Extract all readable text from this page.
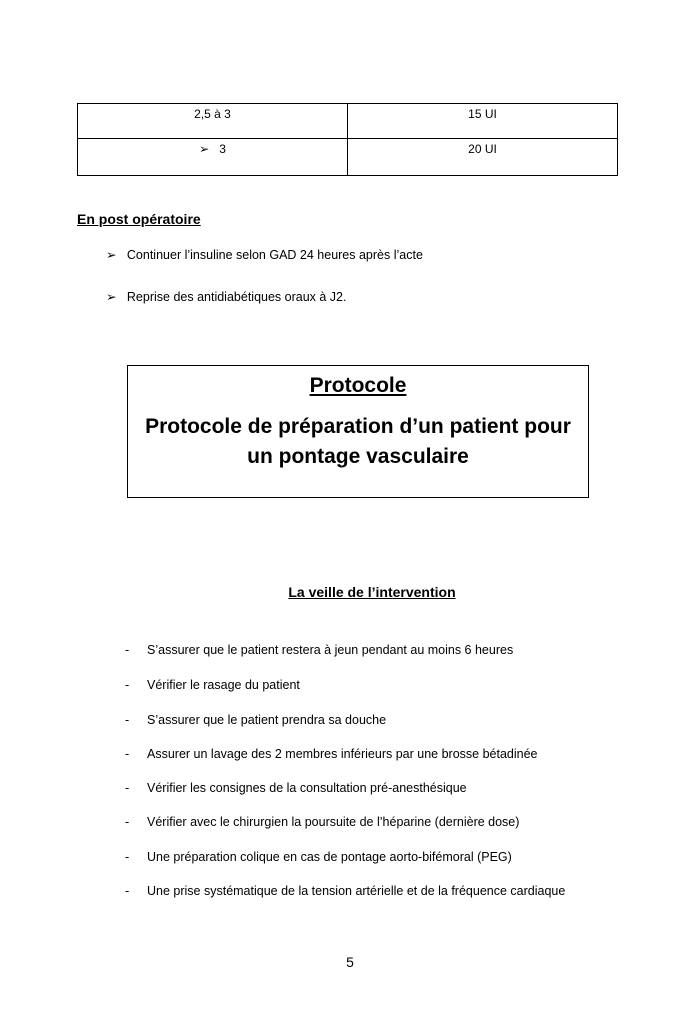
2,5 à 3	15 UI
➢ 3	20 UI
En post opératoire
➢ Continuer l’insuline selon GAD 24 heures après l’acte
➢ Reprise des antidiabétiques oraux à J2.
Protocole
Protocole de préparation d’un patient pour
un pontage vasculaire
La veille de l’intervention
- S’assurer que le patient restera à jeun pendant au moins 6 heures
- Vérifier le rasage du patient
- S’assurer que le patient prendra sa douche
- Assurer un lavage des 2 membres inférieurs par une brosse bétadinée
- Vérifier les consignes de la consultation pré-anesthésique
- Vérifier avec le chirurgien la poursuite de l’héparine (dernière dose)
- Une préparation colique en cas de pontage aorto-bifémoral (PEG)
- Une prise systématique de la tension artérielle et de la fréquence cardiaque
5
